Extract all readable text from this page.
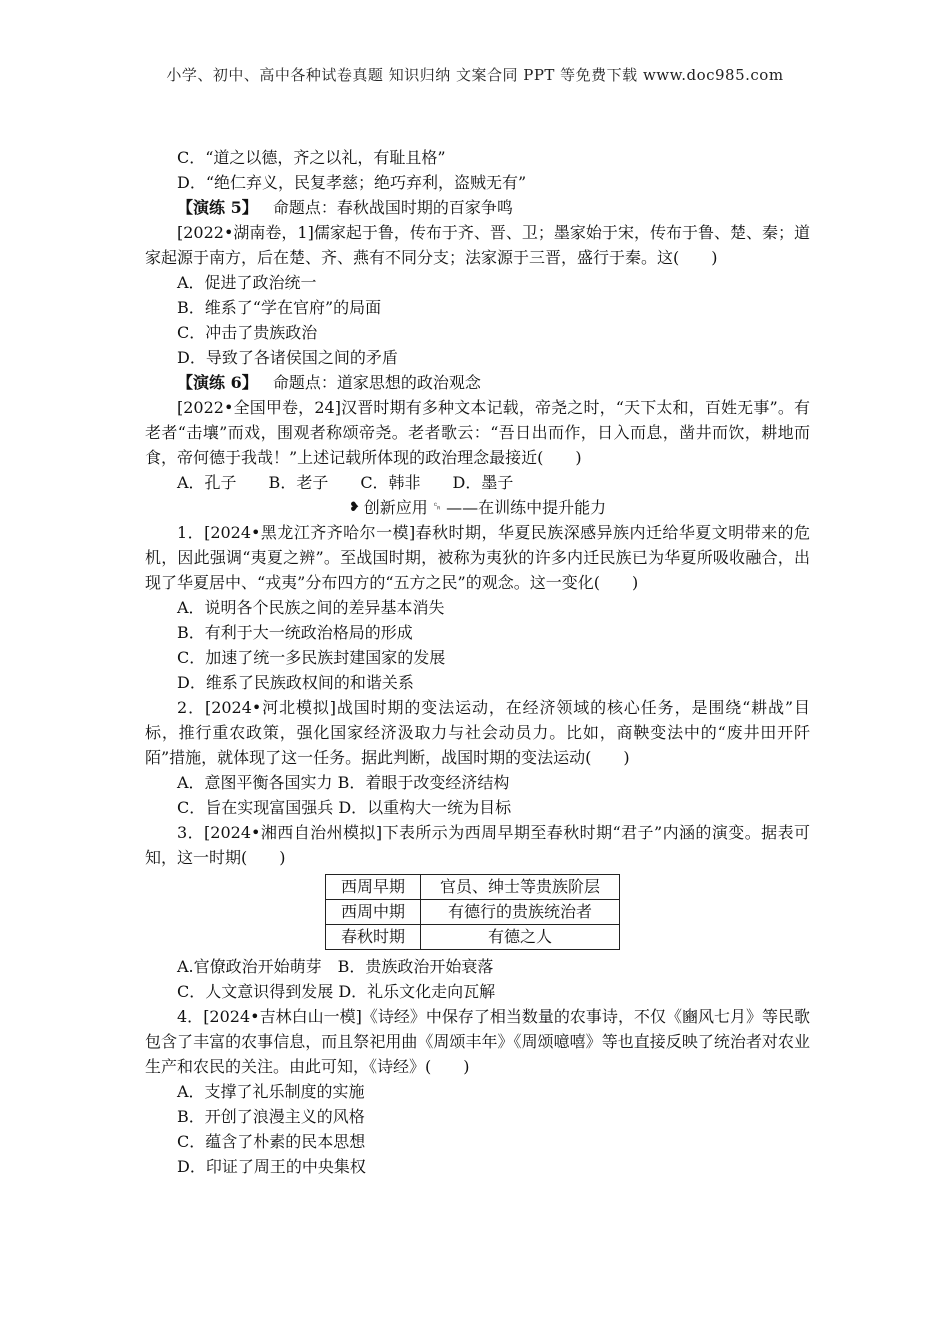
小学、初中、高中各种试卷真题 知识归纳 文案合同 PPT 等免费下载 www.doc985.com
C．“道之以德，齐之以礼，有耻且格”
D．“绝仁弃义，民复孝慈；绝巧弃利，盗贼无有”
【演练 5】 命题点：春秋战国时期的百家争鸣

[2022•湖南卷，1]儒家起于鲁，传布于齐、晋、卫；墨家始于宋，传布于鲁、楚、秦；道家起源于南方，后在楚、齐、燕有不同分支；法家源于三晋，盛行于秦。这(　　)

A．促进了政治统一
B．维系了“学在官府”的局面
C．冲击了贵族政治
D．导致了各诸侯国之间的矛盾
【演练 6】 命题点：道家思想的政治观念

[2022•全国甲卷，24]汉晋时期有多种文本记载，帝尧之时，“天下太和，百姓无事”。有老者“击壤”而戏，围观者称颂帝尧。老者歌云：“吾日出而作，日入而息，凿井而饮，耕地而食，帝何德于我哉！”上述记载所体现的政治理念最接近(　　)

A．孔子　　B．老子　　C．韩非　　D．墨子
❥ 创新应用 ␍ ——在训练中提升能力

1．[2024•黑龙江齐齐哈尔一模]春秋时期，华夏民族深感异族内迁给华夏文明带来的危机，因此强调“夷夏之辨”。至战国时期，被称为夷狄的许多内迁民族已为华夏所吸收融合，出现了华夏居中、“戎夷”分布四方的“五方之民”的观念。这一变化(　　)

A．说明各个民族之间的差异基本消失
B．有利于大一统政治格局的形成
C．加速了统一多民族封建国家的发展
D．维系了民族政权间的和谐关系

2．[2024•河北模拟]战国时期的变法运动，在经济领域的核心任务，是围绕“耕战”目标，推行重农政策，强化国家经济汲取力与社会动员力。比如，商鞅变法中的“废井田开阡陌”措施，就体现了这一任务。据此判断，战国时期的变法运动(　　)

A．意图平衡各国实力 B．着眼于改变经济结构
C．旨在实现富国强兵 D．以重构大一统为目标

3．[2024•湘西自治州模拟]下表所示为西周早期至春秋时期“君子”内涵的演变。据表可知，这一时期(　　)

西周早期	官员、绅士等贵族阶层
西周中期	有德行的贵族统治者
春秋时期	有德之人
A.官僚政治开始萌芽　B．贵族政治开始衰落
C．人文意识得到发展 D．礼乐文化走向瓦解

4．[2024•吉林白山一模]《诗经》中保存了相当数量的农事诗，不仅《豳风七月》等民歌包含了丰富的农事信息，而且祭祀用曲《周颂丰年》《周颂噫嘻》等也直接反映了统治者对农业生产和农民的关注。由此可知，《诗经》(　　)

A．支撑了礼乐制度的实施
B．开创了浪漫主义的风格
C．蕴含了朴素的民本思想
D．印证了周王的中央集权
